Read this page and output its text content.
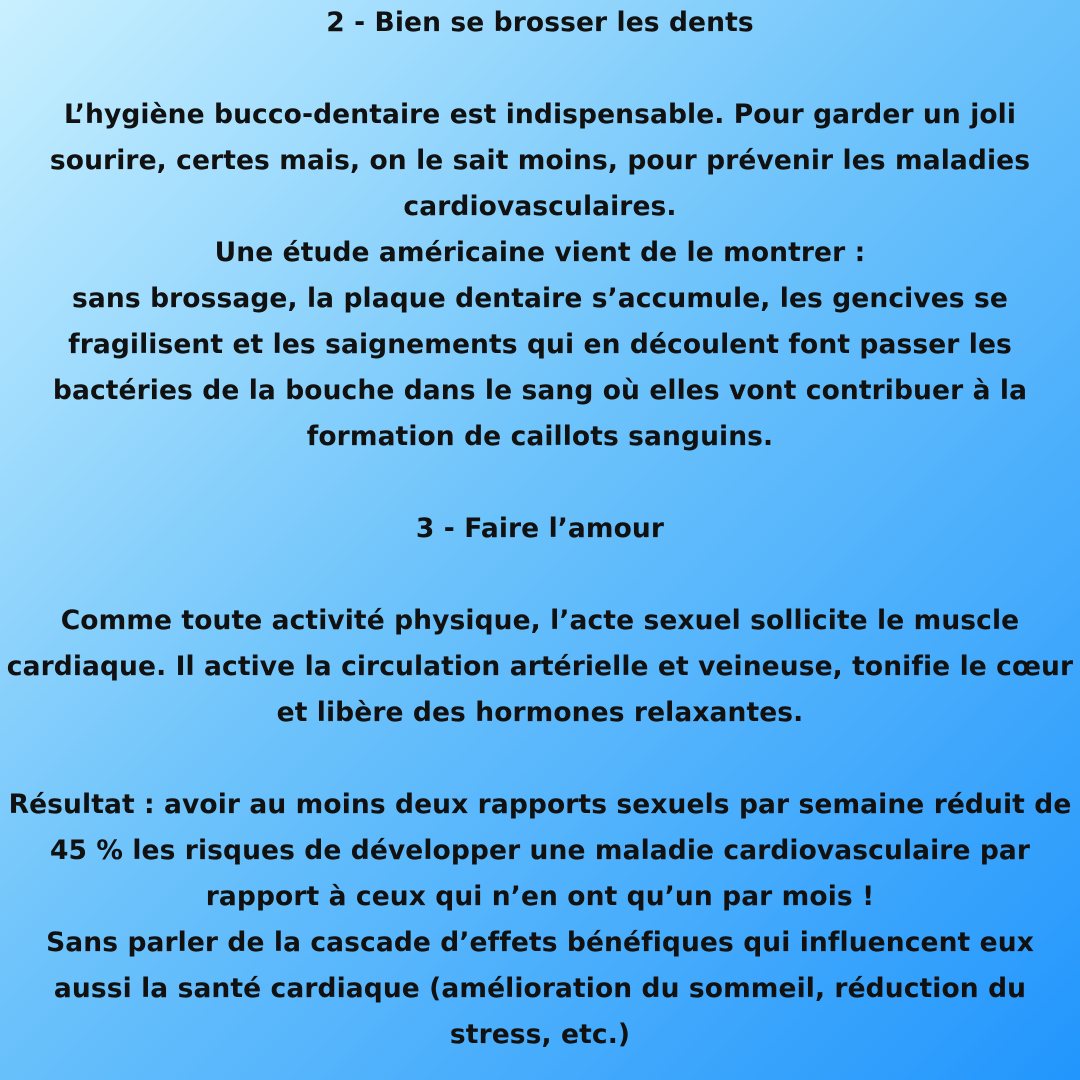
2 - Bien se brosser les dents

L’hygiène bucco-dentaire est indispensable. Pour garder un joli sourire, certes mais, on le sait moins, pour prévenir les maladies cardiovasculaires.

Une étude américaine vient de le montrer :

sans brossage, la plaque dentaire s’accumule, les gencives se fragilisent et les saignements qui en découlent font passer les bactéries de la bouche dans le sang où elles vont contribuer à la formation de caillots sanguins.

3 - Faire l’amour

Comme toute activité physique, l’acte sexuel sollicite le muscle cardiaque. Il active la circulation artérielle et veineuse, tonifie le cœur et libère des hormones relaxantes.

Résultat : avoir au moins deux rapports sexuels par semaine réduit de 45 % les risques de développer une maladie cardiovasculaire par rapport à ceux qui n’en ont qu’un par mois !

Sans parler de la cascade d’effets bénéfiques qui influencent eux aussi la santé cardiaque (amélioration du sommeil, réduction du stress, etc.)
